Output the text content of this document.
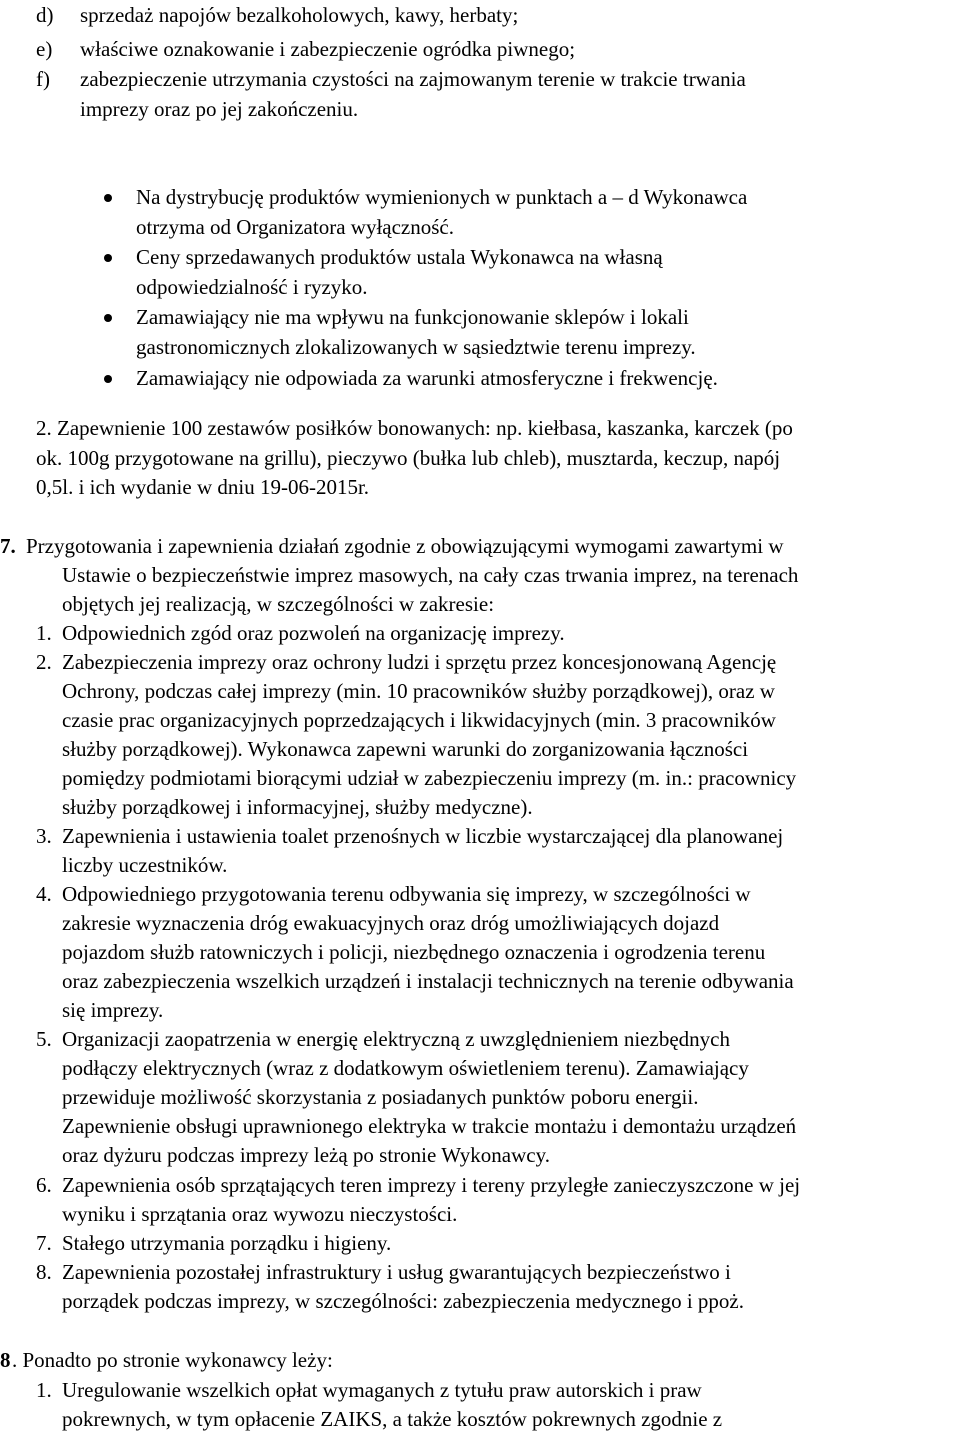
d) sprzedaż napojów bezalkoholowych, kawy, herbaty;
e) właściwe oznakowanie i zabezpieczenie ogródka piwnego;
f) zabezpieczenie utrzymania czystości na zajmowanym terenie w trakcie trwania
imprezy oraz po jej zakończeniu.
Na dystrybucję produktów wymienionych w punktach a – d Wykonawca
otrzyma od Organizatora wyłączność.
Ceny sprzedawanych produktów ustala Wykonawca na własną
odpowiedzialność i ryzyko.
Zamawiający nie ma wpływu na funkcjonowanie sklepów i lokali
gastronomicznych zlokalizowanych w sąsiedztwie terenu imprezy.
Zamawiający nie odpowiada za warunki atmosferyczne i frekwencję.
2. Zapewnienie 100 zestawów posiłków bonowanych: np. kiełbasa, kaszanka, karczek (po
ok. 100g przygotowane na grillu), pieczywo (bułka lub chleb), musztarda, keczup, napój
0,5l. i ich wydanie w dniu 19-06-2015r.
7. Przygotowania i zapewnienia działań zgodnie z obowiązującymi wymogami zawartymi w
Ustawie o bezpieczeństwie imprez masowych, na cały czas trwania imprez, na terenach
objętych jej realizacją, w szczególności w zakresie:
1. Odpowiednich zgód oraz pozwoleń na organizację imprezy.
2. Zabezpieczenia imprezy oraz ochrony ludzi i sprzętu przez koncesjonowaną Agencję
Ochrony, podczas całej imprezy (min. 10 pracowników służby porządkowej), oraz w
czasie prac organizacyjnych poprzedzających i likwidacyjnych (min. 3 pracowników
służby porządkowej). Wykonawca zapewni warunki do zorganizowania łączności
pomiędzy podmiotami biorącymi udział w zabezpieczeniu imprezy (m. in.: pracownicy
służby porządkowej i informacyjnej, służby medyczne).
3. Zapewnienia i ustawienia toalet przenośnych w liczbie wystarczającej dla planowanej
liczby uczestników.
4. Odpowiedniego przygotowania terenu odbywania się imprezy, w szczególności w
zakresie wyznaczenia dróg ewakuacyjnych oraz dróg umożliwiających dojazd
pojazdom służb ratowniczych i policji, niezbędnego oznaczenia i ogrodzenia terenu
oraz zabezpieczenia wszelkich urządzeń i instalacji technicznych na terenie odbywania
się imprezy.
5. Organizacji zaopatrzenia w energię elektryczną z uwzględnieniem niezbędnych
podłączy elektrycznych (wraz z dodatkowym oświetleniem terenu). Zamawiający
przewiduje możliwość skorzystania z posiadanych punktów poboru energii.
Zapewnienie obsługi uprawnionego elektryka w trakcie montażu i demontażu urządzeń
oraz dyżuru podczas imprezy leżą po stronie Wykonawcy.
6. Zapewnienia osób sprzątających teren imprezy i tereny przyległe zanieczyszczone w jej
wyniku i sprzątania oraz wywozu nieczystości.
7. Stałego utrzymania porządku i higieny.
8. Zapewnienia pozostałej infrastruktury i usług gwarantujących bezpieczeństwo i
porządek podczas imprezy, w szczególności: zabezpieczenia medycznego i ppoż.
8 . Ponadto po stronie wykonawcy leży:
1. Uregulowanie wszelkich opłat wymaganych z tytułu praw autorskich i praw
pokrewnych, w tym opłacenie ZAIKS, a także kosztów pokrewnych zgodnie z
